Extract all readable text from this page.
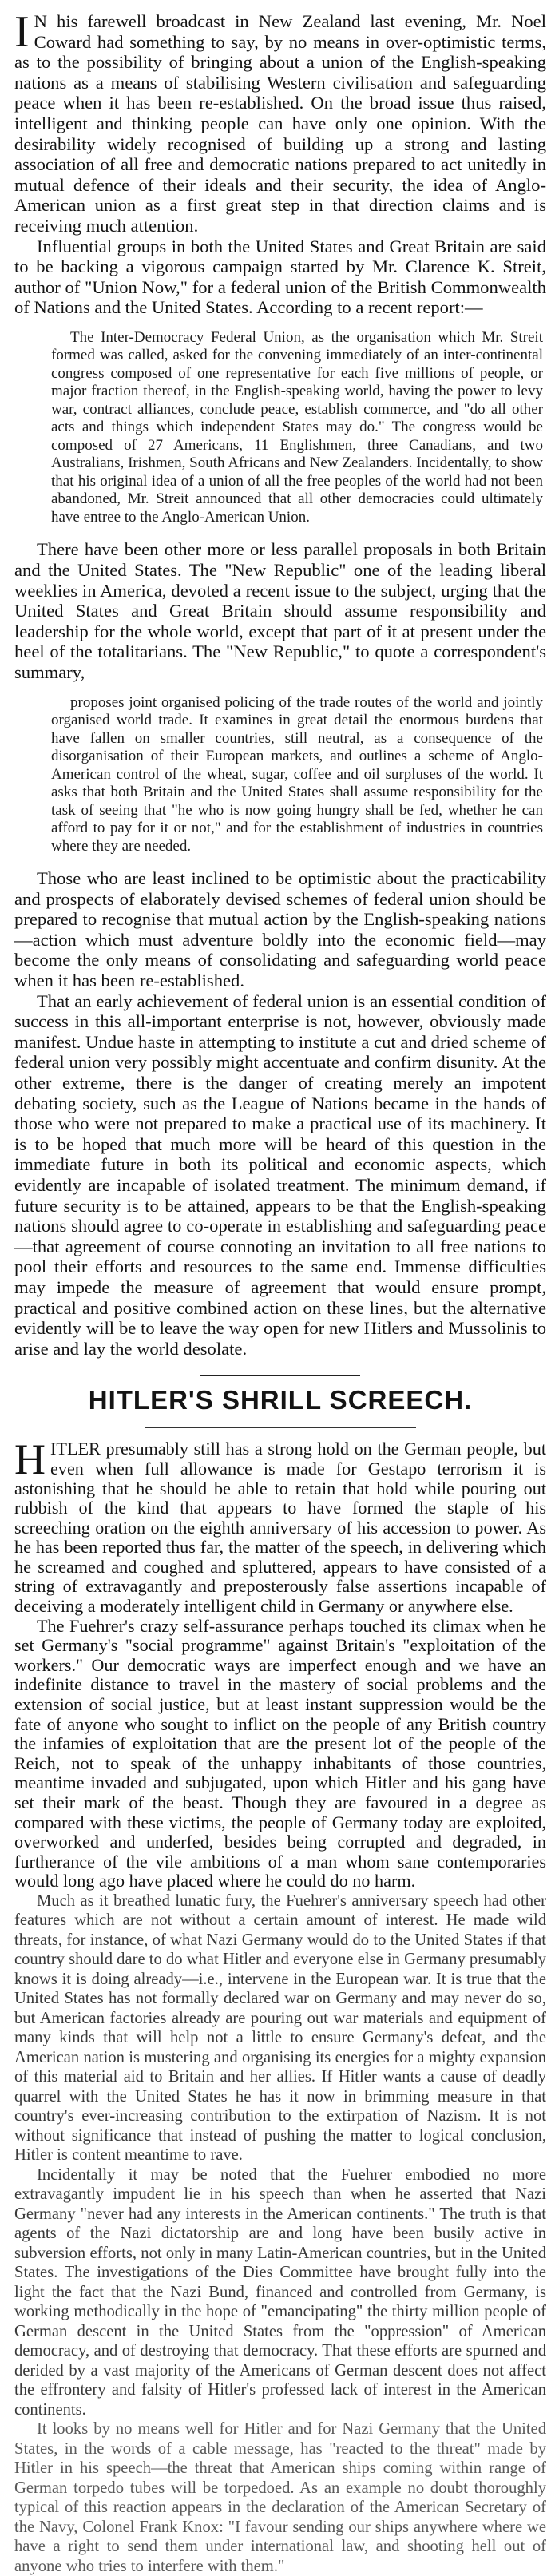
I N his farewell broadcast in New Zealand last evening, Mr. Noel Coward had something to say, by no means in over-optimistic terms, as to the possibility of bringing about a union of the English-speaking nations as a means of stabilising Western civilisation and safeguarding peace when it has been re-established. On the broad issue thus raised, intelligent and thinking people can have only one opinion. With the desirability widely recognised of building up a strong and lasting association of all free and democratic nations prepared to act unitedly in mutual defence of their ideals and their security, the idea of Anglo-American union as a first great step in that direction claims and is receiving much attention.

Influential groups in both the United States and Great Britain are said to be backing a vigorous campaign started by Mr. Clarence K. Streit, author of "Union Now," for a federal union of the British Commonwealth of Nations and the United States. According to a recent report:—

The Inter-Democracy Federal Union, as the organisation which Mr. Streit formed was called, asked for the convening immediately of an inter-continental congress composed of one representative for each five millions of people, or major fraction thereof, in the English-speaking world, having the power to levy war, contract alliances, conclude peace, establish commerce, and "do all other acts and things which independent States may do." The congress would be composed of 27 Americans, 11 Englishmen, three Canadians, and two Australians, Irishmen, South Africans and New Zealanders. Incidentally, to show that his original idea of a union of all the free peoples of the world had not been abandoned, Mr. Streit announced that all other democracies could ultimately have entree to the Anglo-American Union.

There have been other more or less parallel proposals in both Britain and the United States. The "New Republic" one of the leading liberal weeklies in America, devoted a recent issue to the subject, urging that the United States and Great Britain should assume responsibility and leadership for the whole world, except that part of it at present under the heel of the totalitarians. The "New Republic," to quote a correspondent's summary,

proposes joint organised policing of the trade routes of the world and jointly organised world trade. It examines in great detail the enormous burdens that have fallen on smaller countries, still neutral, as a consequence of the disorganisation of their European markets, and outlines a scheme of Anglo-American control of the wheat, sugar, coffee and oil surpluses of the world. It asks that both Britain and the United States shall assume responsibility for the task of seeing that "he who is now going hungry shall be fed, whether he can afford to pay for it or not," and for the establishment of industries in countries where they are needed.

Those who are least inclined to be optimistic about the practicability and prospects of elaborately devised schemes of federal union should be prepared to recognise that mutual action by the English-speaking nations—action which must adventure boldly into the economic field—may become the only means of consolidating and safeguarding world peace when it has been re-established.

That an early achievement of federal union is an essential condition of success in this all-important enterprise is not, however, obviously made manifest. Undue haste in attempting to institute a cut and dried scheme of federal union very possibly might accentuate and confirm disunity. At the other extreme, there is the danger of creating merely an impotent debating society, such as the League of Nations became in the hands of those who were not prepared to make a practical use of its machinery. It is to be hoped that much more will be heard of this question in the immediate future in both its political and economic aspects, which evidently are incapable of isolated treatment. The minimum demand, if future security is to be attained, appears to be that the English-speaking nations should agree to co-operate in establishing and safeguarding peace—that agreement of course connoting an invitation to all free nations to pool their efforts and resources to the same end. Immense difficulties may impede the measure of agreement that would ensure prompt, practical and positive combined action on these lines, but the alternative evidently will be to leave the way open for new Hitlers and Mussolinis to arise and lay the world desolate.

HITLER'S SHRILL SCREECH.

HITLER presumably still has a strong hold on the German people, but even when full allowance is made for Gestapo terrorism it is astonishing that he should be able to retain that hold while pouring out rubbish of the kind that appears to have formed the staple of his screeching oration on the eighth anniversary of his accession to power. As he has been reported thus far, the matter of the speech, in delivering which he screamed and coughed and spluttered, appears to have consisted of a string of extravagantly and preposterously false assertions incapable of deceiving a moderately intelligent child in Germany or anywhere else.

The Fuehrer's crazy self-assurance perhaps touched its climax when he set Germany's "social programme" against Britain's "exploitation of the workers." Our democratic ways are imperfect enough and we have an indefinite distance to travel in the mastery of social problems and the extension of social justice, but at least instant suppression would be the fate of anyone who sought to inflict on the people of any British country the infamies of exploitation that are the present lot of the people of the Reich, not to speak of the unhappy inhabitants of those countries, meantime invaded and subjugated, upon which Hitler and his gang have set their mark of the beast. Though they are favoured in a degree as compared with these victims, the people of Germany today are exploited, overworked and underfed, besides being corrupted and degraded, in furtherance of the vile ambitions of a man whom sane contemporaries would long ago have placed where he could do no harm.

Much as it breathed lunatic fury, the Fuehrer's anniversary speech had other features which are not without a certain amount of interest. He made wild threats, for instance, of what Nazi Germany would do to the United States if that country should dare to do what Hitler and everyone else in Germany presumably knows it is doing already—i.e., intervene in the European war. It is true that the United States has not formally declared war on Germany and may never do so, but American factories already are pouring out war materials and equipment of many kinds that will help not a little to ensure Germany's defeat, and the American nation is mustering and organising its energies for a mighty expansion of this material aid to Britain and her allies. If Hitler wants a cause of deadly quarrel with the United States he has it now in brimming measure in that country's ever-increasing contribution to the extirpation of Nazism. It is not without significance that instead of pushing the matter to logical conclusion, Hitler is content meantime to rave.

Incidentally it may be noted that the Fuehrer embodied no more extravagantly impudent lie in his speech than when he asserted that Nazi Germany "never had any interests in the American continents." The truth is that agents of the Nazi dictatorship are and long have been busily active in subversion efforts, not only in many Latin-American countries, but in the United States. The investigations of the Dies Committee have brought fully into the light the fact that the Nazi Bund, financed and controlled from Germany, is working methodically in the hope of "emancipating" the thirty million people of German descent in the United States from the "oppression" of American democracy, and of destroying that democracy. That these efforts are spurned and derided by a vast majority of the Americans of German descent does not affect the effrontery and falsity of Hitler's professed lack of interest in the American continents.

It looks by no means well for Hitler and for Nazi Germany that the United States, in the words of a cable message, has "reacted to the threat" made by Hitler in his speech—the threat that American ships coming within range of German torpedo tubes will be torpedoed. As an example no doubt thoroughly typical of this reaction appears in the declaration of the American Secretary of the Navy, Colonel Frank Knox: "I favour sending our ships anywhere where we have a right to send them under international law, and shooting hell out of anyone who tries to interfere with them."
